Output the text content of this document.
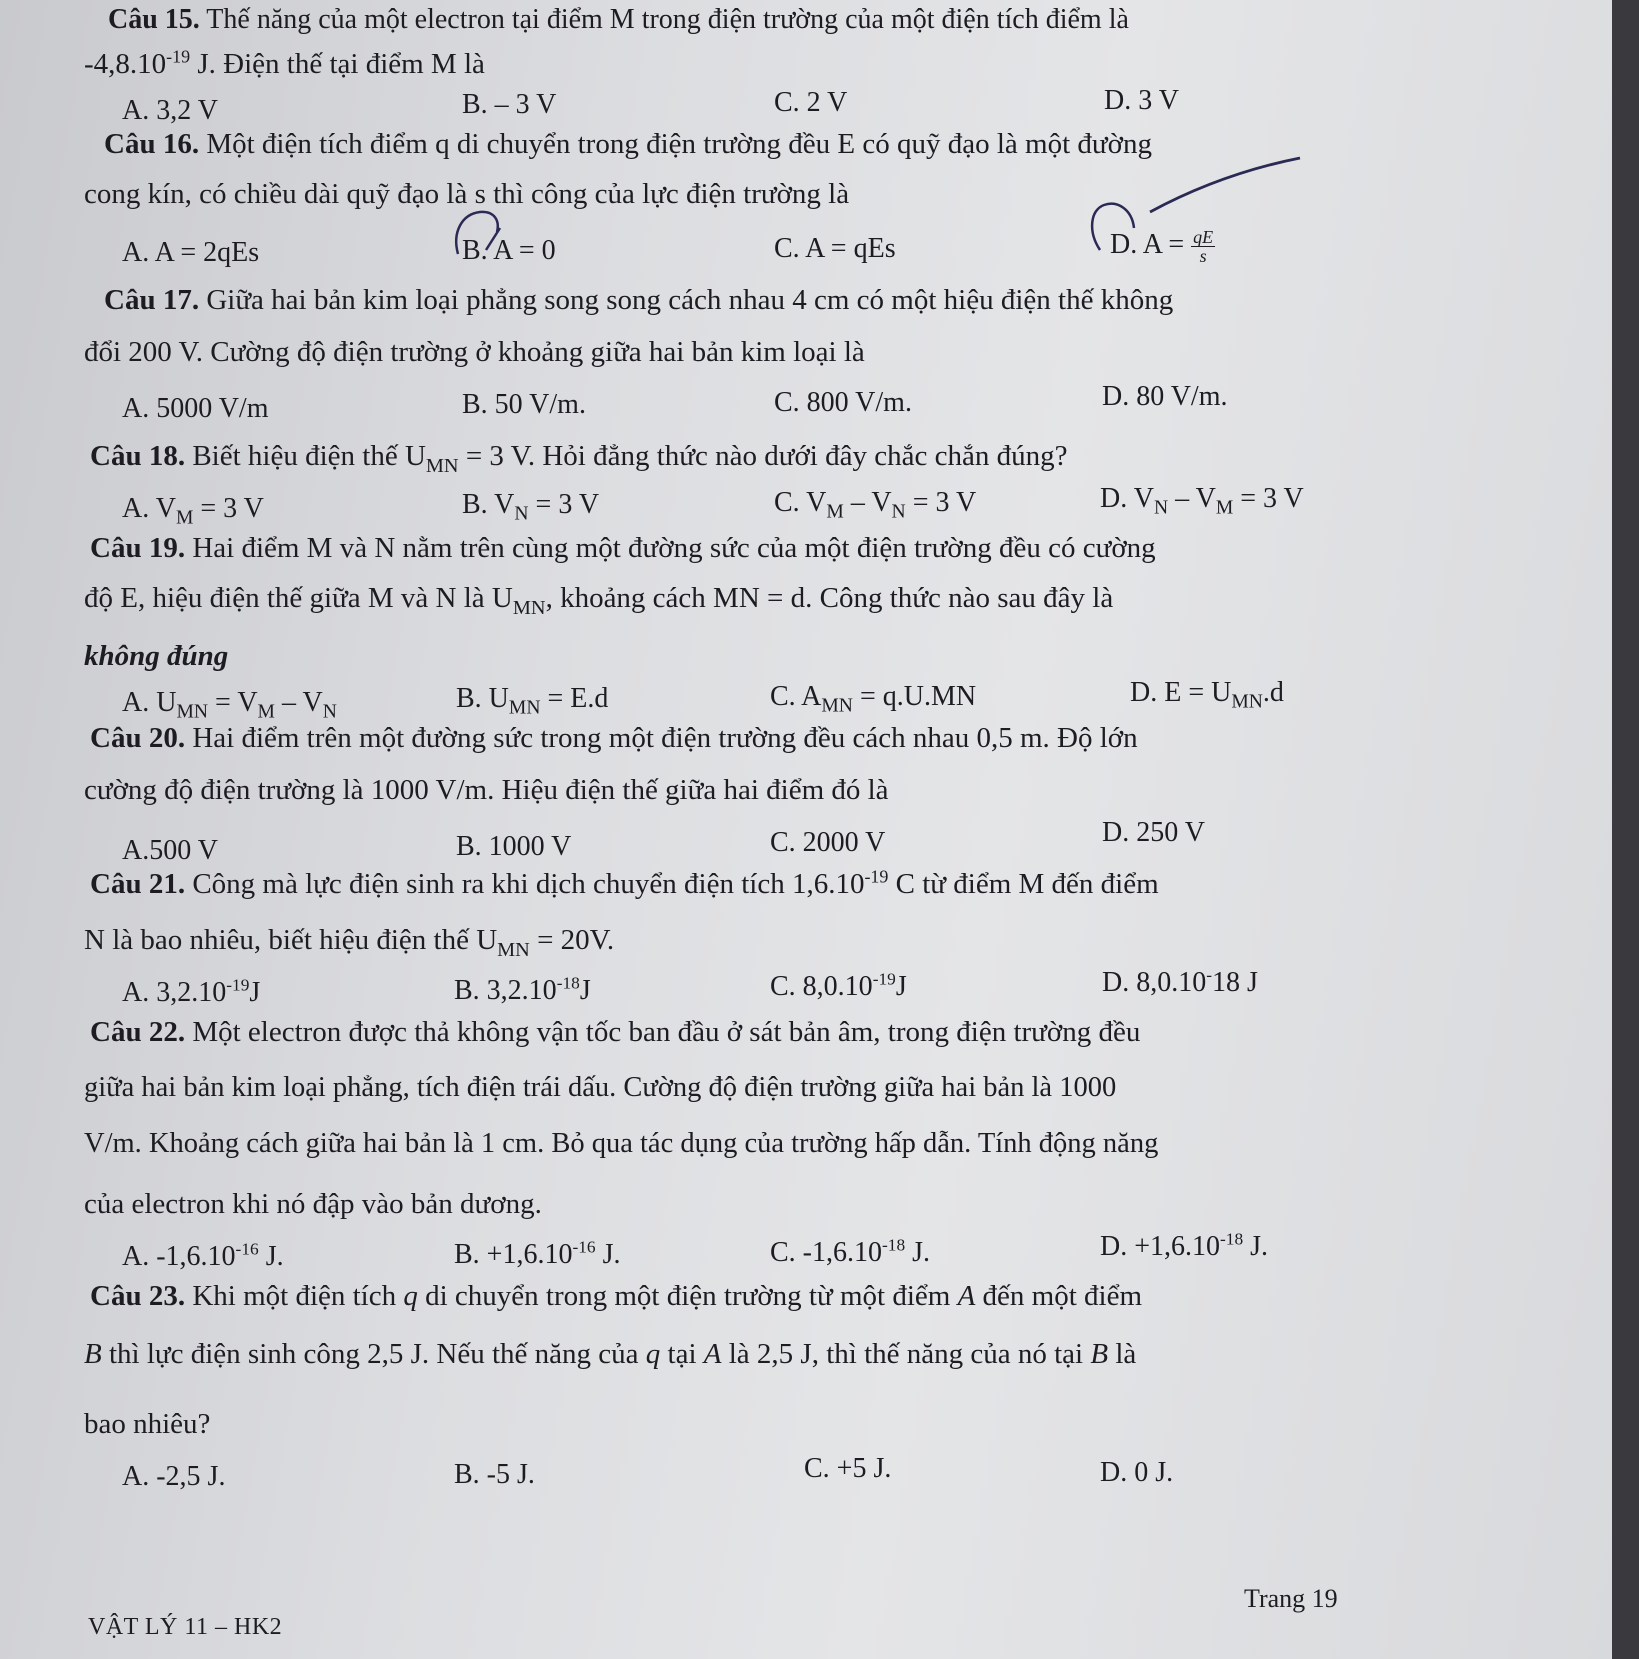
Câu 15. Thế năng của một electron tại điểm M trong điện trường của một điện tích điểm là
$-4,8.10^{-19}$ J. Điện thế tại điểm M là
A. 3,2 V	B. – 3 V	C. 2 V	D. 3 V
Câu 16. Một điện tích điểm q di chuyển trong điện trường đều E có quỹ đạo là một đường
cong kín, có chiều dài quỹ đạo là s thì công của lực điện trường là
A. A = 2qEs	B. A = 0	C. A = qEs	D. $A = \frac{qE}{s}$
Câu 17. Giữa hai bản kim loại phẳng song song cách nhau 4 cm có một hiệu điện thế không
đổi 200 V. Cường độ điện trường ở khoảng giữa hai bản kim loại là
A. 5000 V/m	B. 50 V/m.	C. 800 V/m.	D. 80 V/m.
Câu 18. Biết hiệu điện thế $U_{MN} = 3$ V. Hỏi đẳng thức nào dưới đây chắc chắn đúng?
A. $V_M = 3$ V	B. $V_N = 3$ V	C. $V_M - V_N = 3$ V	D. $V_N - V_M = 3$ V
Câu 19. Hai điểm M và N nằm trên cùng một đường sức của một điện trường đều có cường
độ E, hiệu điện thế giữa M và N là $U_{MN}$, khoảng cách MN = d. Công thức nào sau đây là
không đúng
A. $U_{MN} = V_M - V_N$	B. $U_{MN} = E.d$	C. $A_{MN} = q.U.MN$	D. $E = U_{MN}.d$
Câu 20. Hai điểm trên một đường sức trong một điện trường đều cách nhau 0,5 m. Độ lớn
cường độ điện trường là 1000 V/m. Hiệu điện thế giữa hai điểm đó là
A.500 V	B. 1000 V	C. 2000 V	D. 250 V
Câu 21. Công mà lực điện sinh ra khi dịch chuyển điện tích $1,6.10^{-19}$ C từ điểm M đến điểm
N là bao nhiêu, biết hiệu điện thế $U_{MN} = 20V$.
A. $3,2.10^{-19}J$	B. $3,2.10^{-18}J$	C. $8,0.10^{-19}J$	D. 8,0.10-18 J
Câu 22. Một electron được thả không vận tốc ban đầu ở sát bản âm, trong điện trường đều
giữa hai bản kim loại phẳng, tích điện trái dấu. Cường độ điện trường giữa hai bản là 1000
V/m. Khoảng cách giữa hai bản là 1 cm. Bỏ qua tác dụng của trường hấp dẫn. Tính động năng
của electron khi nó đập vào bản dương.
A. $-1,6.10^{-16}$ J.	B. $+1,6.10^{-16}$ J.	C. $-1,6.10^{-18}$ J.	D. $+1,6.10^{-18}$ J.
Câu 23. Khi một điện tích q di chuyển trong một điện trường từ một điểm A đến một điểm
B thì lực điện sinh công 2,5 J. Nếu thế năng của q tại A là 2,5 J, thì thế năng của nó tại B là
bao nhiêu?
A. -2,5 J.	B. -5 J.	C. +5 J.	D. 0 J.
VẬT LÝ 11 – HK2
Trang 19
